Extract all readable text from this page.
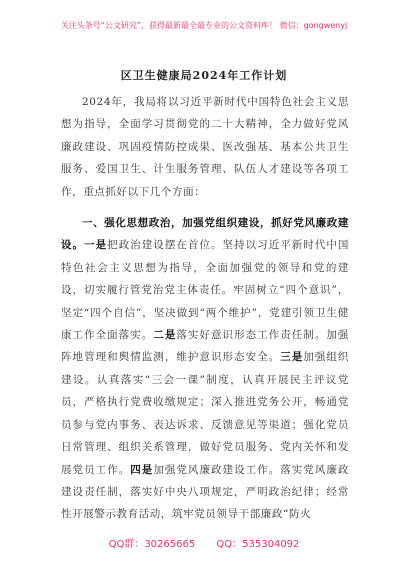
关注头条号“公文研究”，获得最新最全最专业的公文资料库！ 微信：gongwenyj
区卫生健康局2024年工作计划

2024年，我局将以习近平新时代中国特色社会主义思想为指导，全面学习贯彻党的二十大精神，全力做好党风廉政建设、巩固疫情防控成果、医改强基、基本公共卫生服务、爱国卫生、计生服务管理、队伍人才建设等各项工作，重点抓好以下几个方面：

一、强化思想政治，加强党组织建设，抓好党风廉政建设。一是把政治建设摆在首位。坚持以习近平新时代中国特色社会主义思想为指导，全面加强党的领导和党的建设，切实履行管党治党主体责任。牢固树立“四个意识”，坚定“四个自信”，坚决做到“两个维护”，党建引领卫生健康工作全面落实。二是落实好意识形态工作责任制。加强阵地管理和舆情监测，维护意识形态安全。三是加强组织建设。认真落实“三会一课”制度，认真开展民主评议党员，严格执行党费收缴规定；深入推进党务公开，畅通党员参与党内事务、表达诉求、反馈意见等渠道；强化党员日常管理、组织关系管理，做好党员服务、党内关怀和发展党员工作。四是加强党风廉政建设工作。落实党风廉政建设责任制，落实好中央八项规定，严明政治纪律；经常性开展警示教育活动，筑牢党员领导干部廉政“防火

QQ群：30265665 QQ：535304092
